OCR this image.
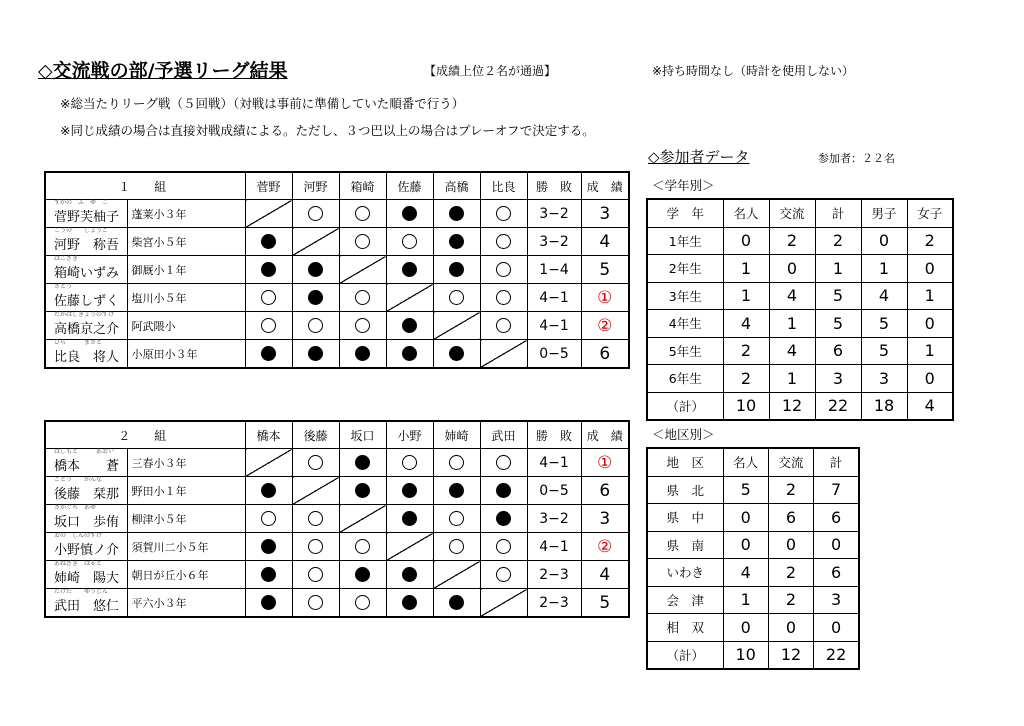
◇交流戦の部/予選リーグ結果	【成績上位２名が通過】	※持ち時間なし（時計を使用しない）
※総当たりリーグ戦（５回戦）（対戦は事前に準備していた順番で行う）
※同じ成績の場合は直接対戦成績による。ただし、３つ巴以上の場合はプレーオフで決定する。
◇参加者データ	参加者：２２名
＜学年別＞
＜地区別＞
１　組		菅野	河野	箱崎	佐藤	高橋	比良	勝　敗	成　績

すがの　ふ　ゆ　こ
菅野芙柚子	蓬莱小３年							3−2	3

こうの　　しょうご
河野　称吾	柴宮小５年							3−2	4

はこざき
箱崎いずみ	御厩小１年							1−4	5

さとう
佐藤しずく	塩川小５年							4−1	①

たかはしきょうのすけ
高橋京之介	阿武隈小							4−1	②

ひら　　　まさと
比良　将人	小原田小３年							0−5	6
２　組		橋本	後藤	坂口	小野	姉崎	武田	勝　敗	成　績

はしもと　　　あおい
橋本　　蒼	三春小３年							4−1	①

ごとう　　かんな
後藤　栞那	野田小１年							0−5	6

さかぐち　あゆ
坂口　歩侑	柳津小５年							3−2	3

おの　しんのすけ
小野慎ノ介	須賀川二小５年							4−1	②

あねざき　はると
姉崎　陽大	朝日が丘小６年							2−3	4

たけだ　　ゆうじん
武田　悠仁	平六小３年							2−3	5
学　年	名人	交流	計	男子	女子
1年生	0	2	2	0	2
2年生	1	0	1	1	0
3年生	1	4	5	4	1
4年生	4	1	5	5	0
5年生	2	4	6	5	1
6年生	2	1	3	3	0
（計）	10	12	22	18	4
地　区	名人	交流	計
県　北	5	2	7
県　中	0	6	6
県　南	0	0	0
いわき	4	2	6
会　津	1	2	3
相　双	0	0	0
（計）	10	12	22
